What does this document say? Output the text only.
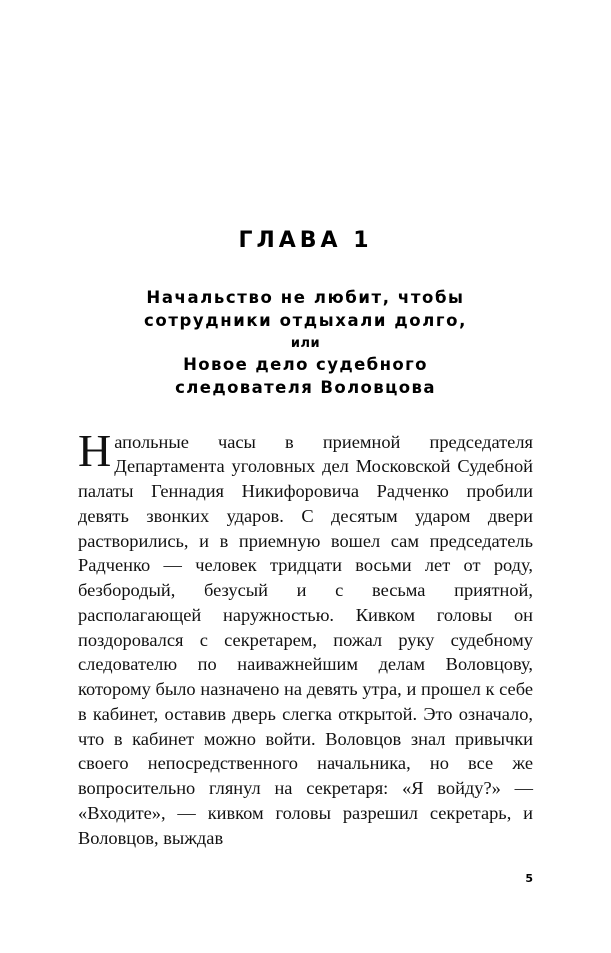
ГЛАВА 1
Начальство не любит, чтобы
сотрудники отдыхали долго,
или
Новое дело судебного
следователя Воловцова

Напольные часы в приемной председателя Департамента уголовных дел Московской Судебной палаты Геннадия Никифоровича Радченко пробили девять звонких ударов. С десятым ударом двери растворились, и в приемную вошел сам председатель Радченко — человек тридцати восьми лет от роду, безбородый, безусый и с весьма приятной, располагающей наружностью. Кивком головы он поздоровался с секретарем, пожал руку судебному следователю по наиважнейшим делам Воловцову, которому было назначено на девять утра, и прошел к себе в кабинет, оставив дверь слегка открытой. Это означало, что в кабинет можно войти. Воловцов знал привычки своего непосредственного начальника, но все же вопросительно глянул на секретаря: «Я войду?» — «Входите», — кивком головы разрешил секретарь, и Воловцов, выждав

5
